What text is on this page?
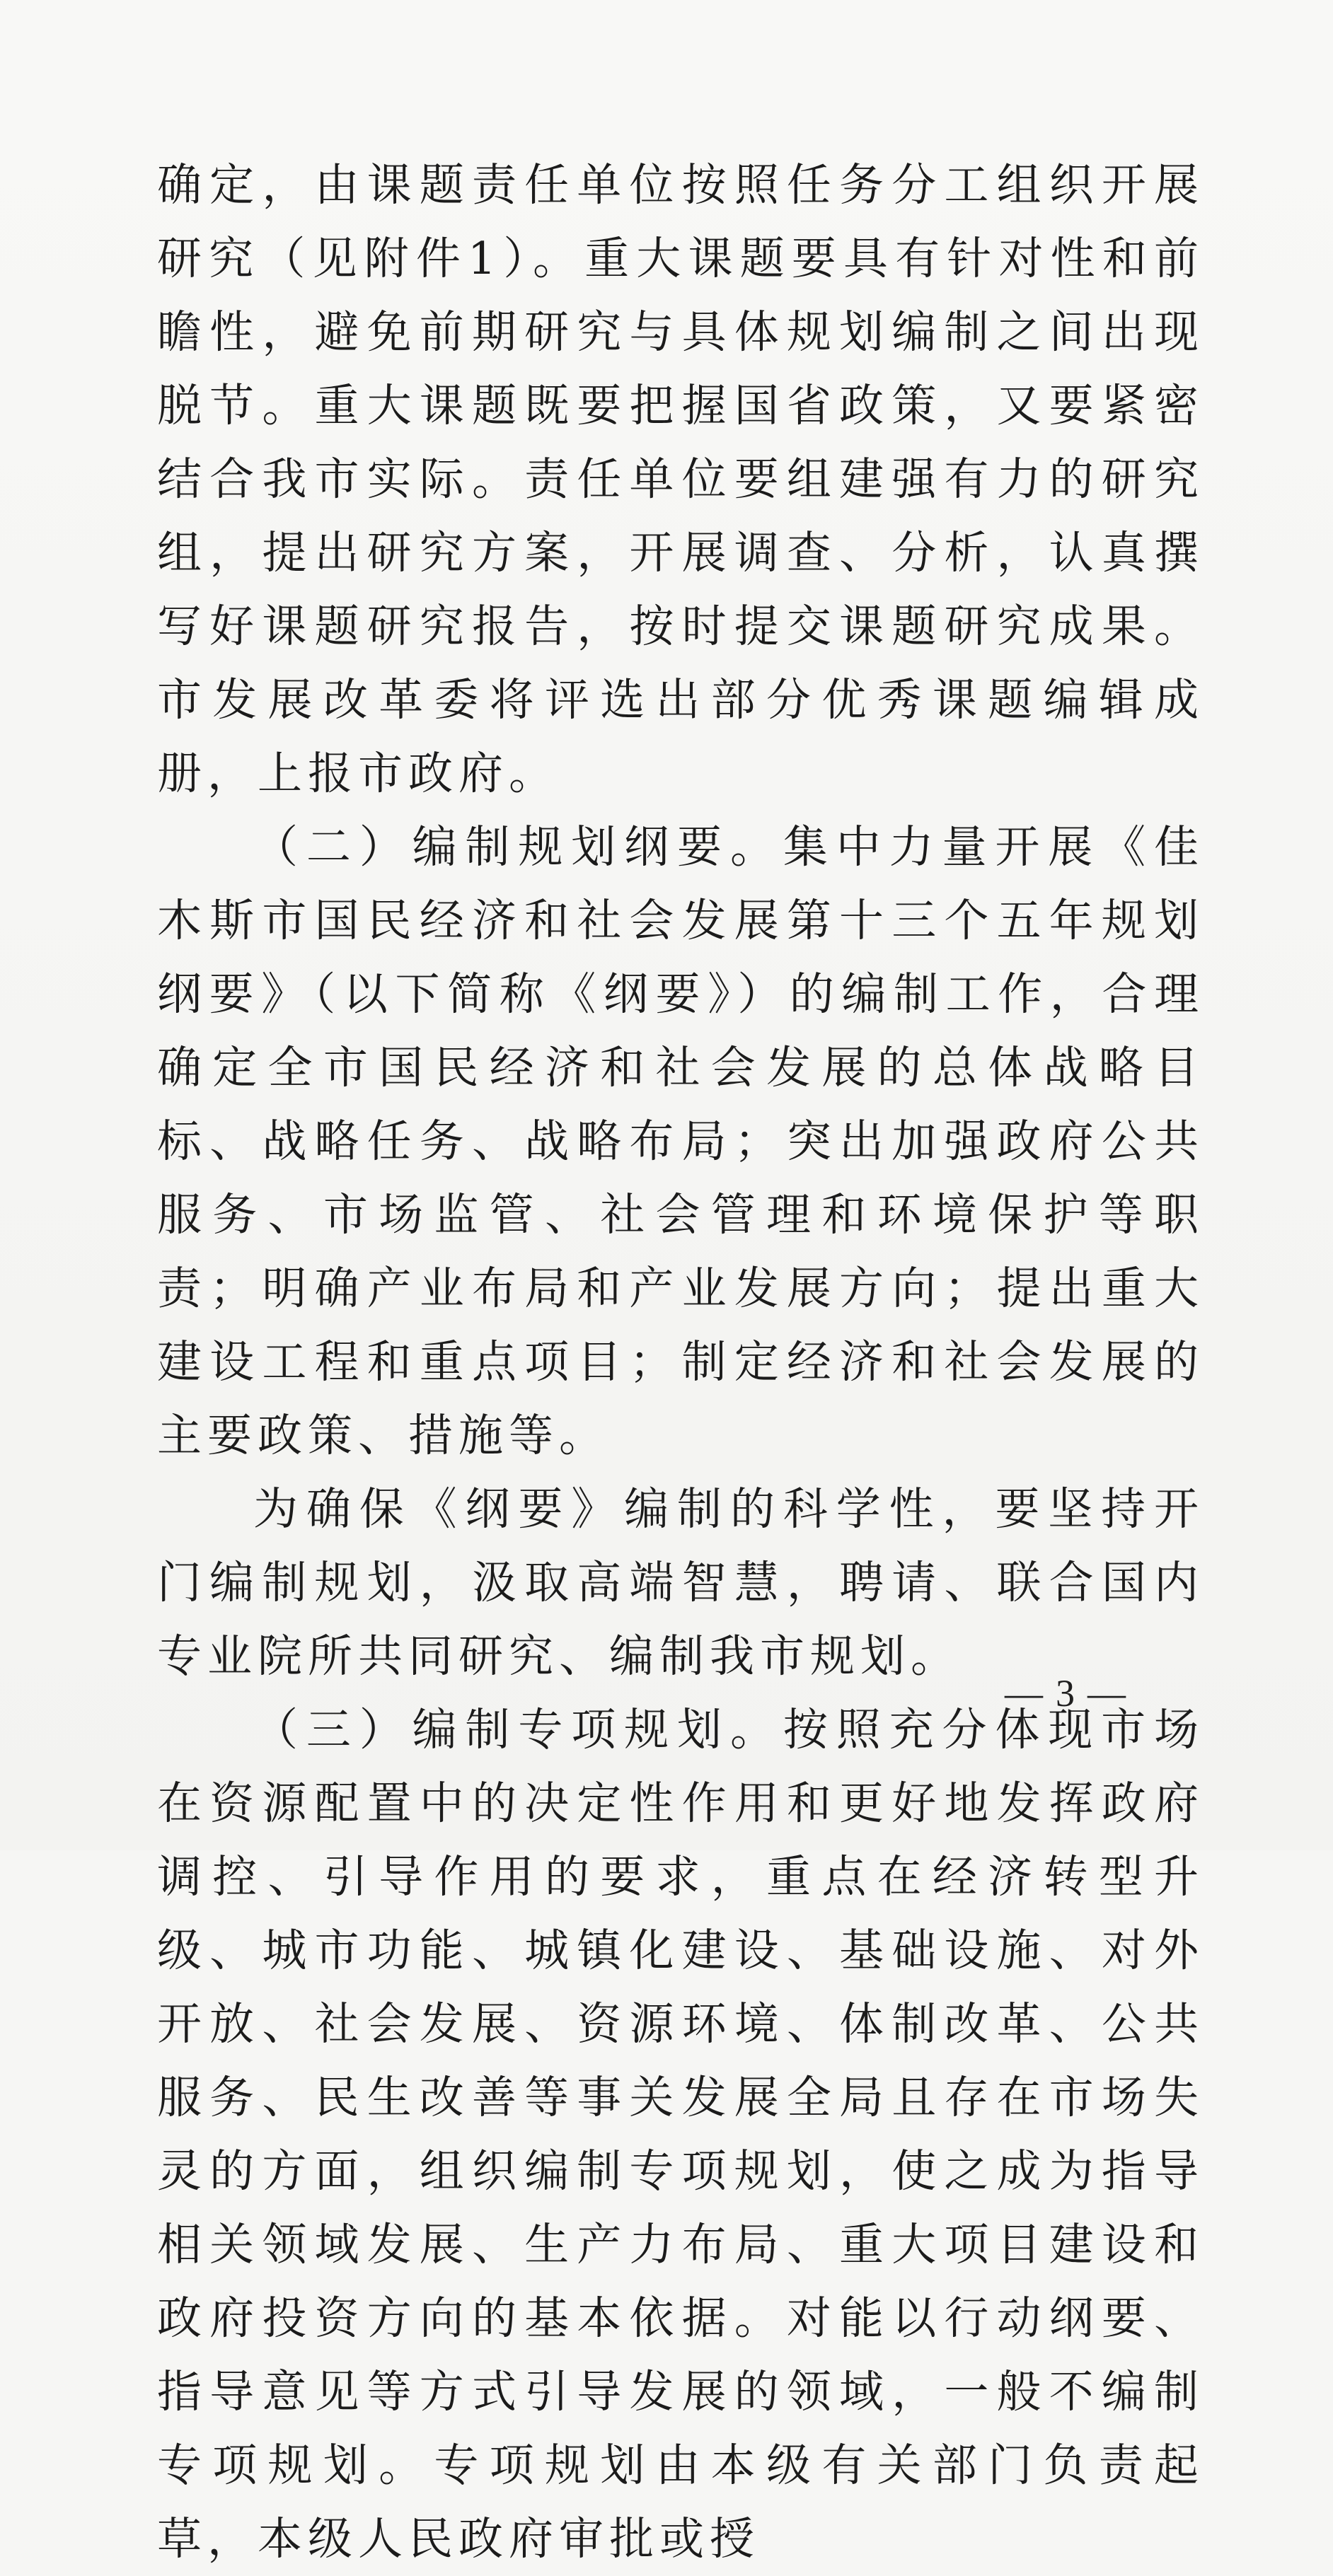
确定，由课题责任单位按照任务分工组织开展研究（见附件1）。重大课题要具有针对性和前瞻性，避免前期研究与具体规划编制之间出现脱节。重大课题既要把握国省政策，又要紧密结合我市实际。责任单位要组建强有力的研究组，提出研究方案，开展调查、分析，认真撰写好课题研究报告，按时提交课题研究成果。市发展改革委将评选出部分优秀课题编辑成册，上报市政府。

（二）编制规划纲要。集中力量开展《佳木斯市国民经济和社会发展第十三个五年规划纲要》（以下简称《纲要》）的编制工作，合理确定全市国民经济和社会发展的总体战略目标、战略任务、战略布局；突出加强政府公共服务、市场监管、社会管理和环境保护等职责；明确产业布局和产业发展方向；提出重大建设工程和重点项目；制定经济和社会发展的主要政策、措施等。

为确保《纲要》编制的科学性，要坚持开门编制规划，汲取高端智慧，聘请、联合国内专业院所共同研究、编制我市规划。

（三）编制专项规划。按照充分体现市场在资源配置中的决定性作用和更好地发挥政府调控、引导作用的要求，重点在经济转型升级、城市功能、城镇化建设、基础设施、对外开放、社会发展、资源环境、体制改革、公共服务、民生改善等事关发展全局且存在市场失灵的方面，组织编制专项规划，使之成为指导相关领域发展、生产力布局、重大项目建设和政府投资方向的基本依据。对能以行动纲要、指导意见等方式引导发展的领域，一般不编制专项规划。专项规划由本级有关部门负责起草，本级人民政府审批或授

— 3 —
